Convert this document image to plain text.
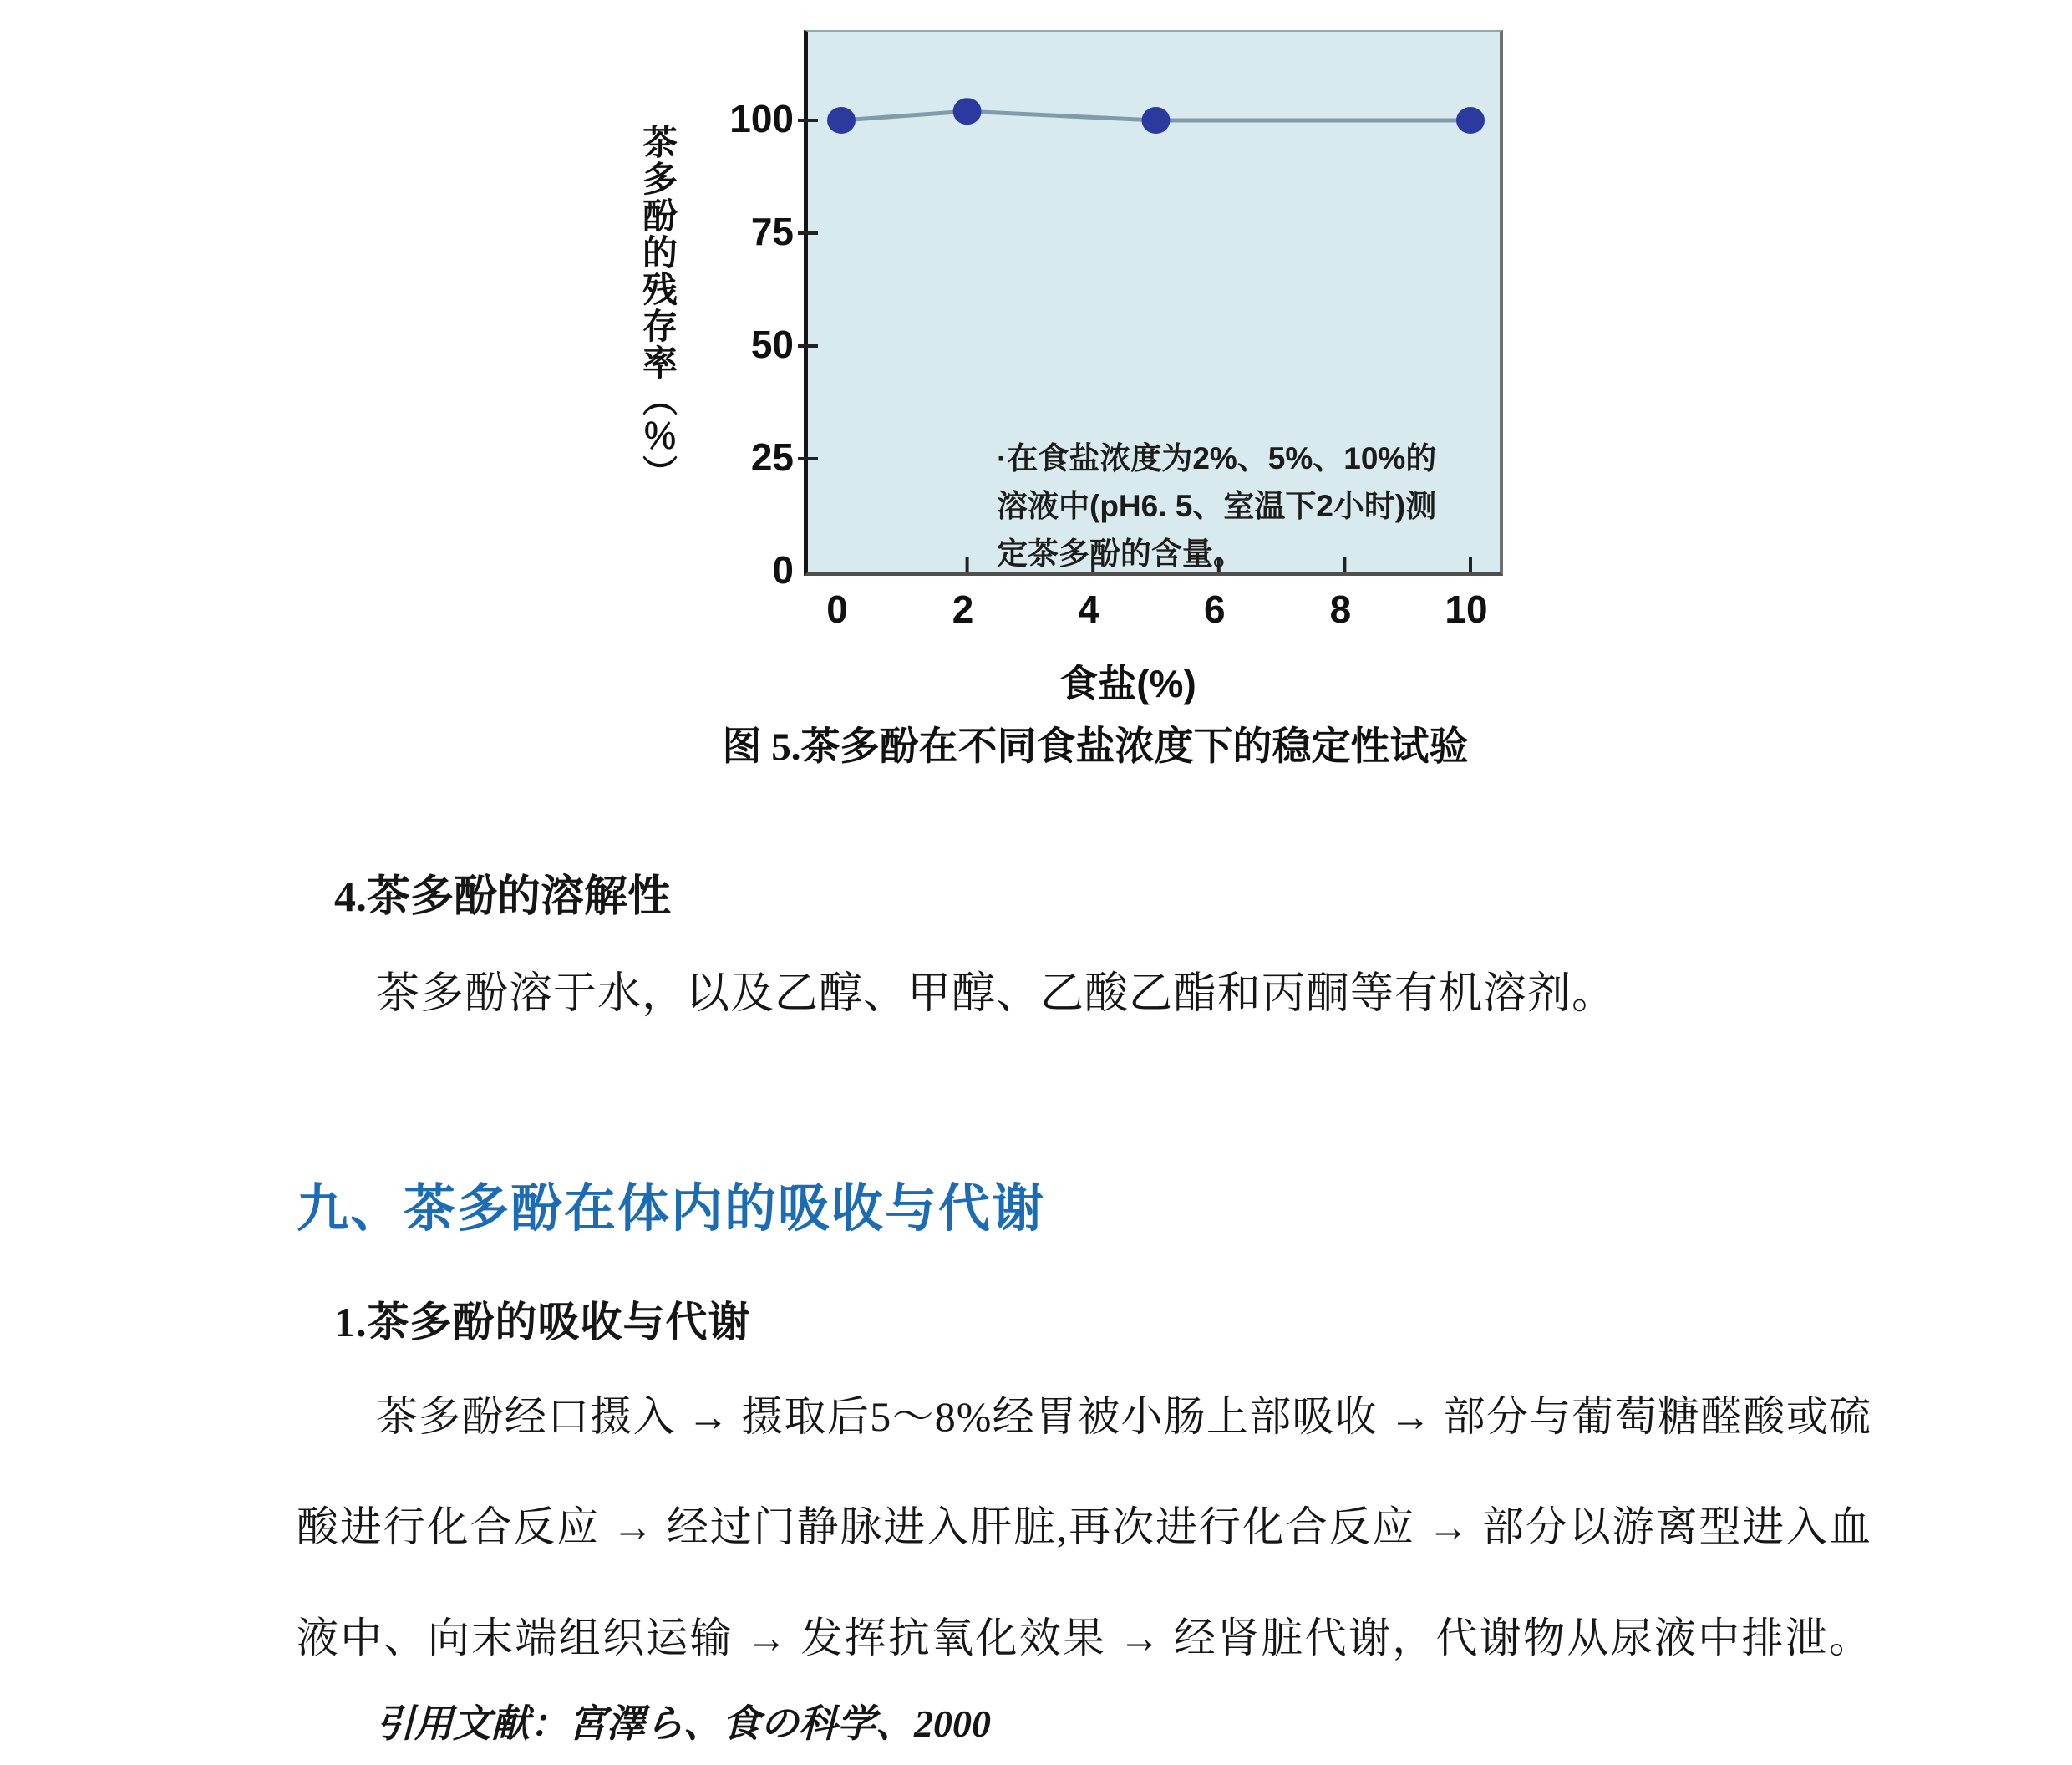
茶多酚的残存率（％）
0
25
50
75
100
0	2	4	6	8	10
食盐(%)
·在食盐浓度为2%、5%、10%的
溶液中(pH6. 5、室温下2小时)测
定茶多酚的含量。
图 5.茶多酚在不同食盐浓度下的稳定性试验
4.茶多酚的溶解性
茶多酚溶于水，以及乙醇、甲醇、乙酸乙酯和丙酮等有机溶剂。
九、茶多酚在体内的吸收与代谢
1.茶多酚的吸收与代谢
茶多酚经口摄入 → 摄取后5～8%经胃被小肠上部吸收 → 部分与葡萄糖醛酸或硫
酸进行化合反应 → 经过门静脉进入肝脏,再次进行化合反应 → 部分以游离型进入血
液中、向末端组织运输 → 发挥抗氧化效果 → 经肾脏代谢，代谢物从尿液中排泄。
引用文献：宮澤ら、食の科学、2000
